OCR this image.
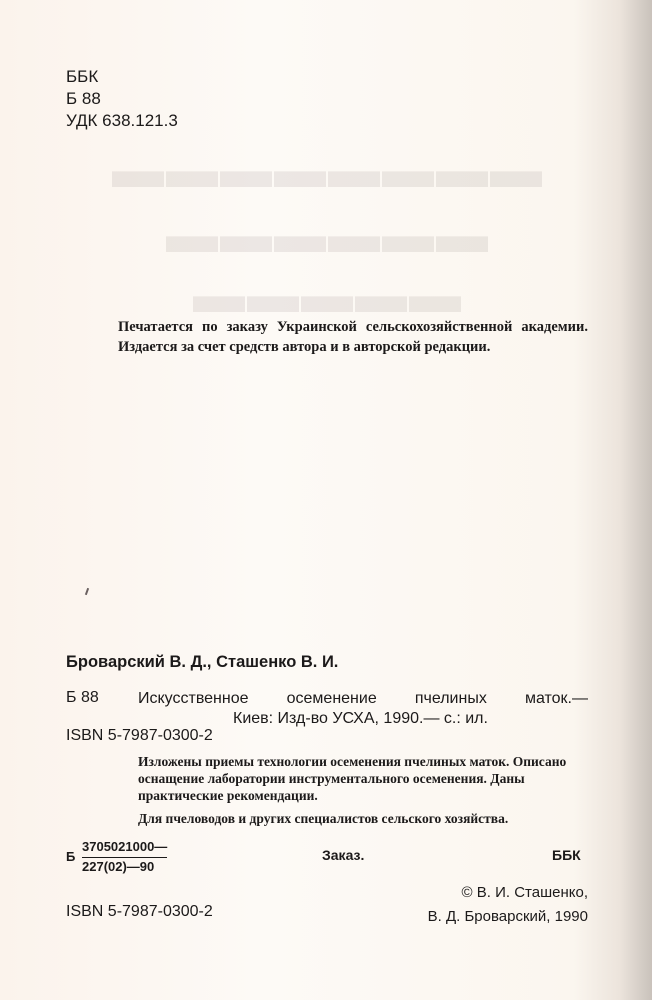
▬▬▬▬▬▬▬▬
▬▬▬▬▬▬
▬▬▬▬▬
ББК
Б 88
УДК 638.121.3
Печатается по заказу Украинской сельскохозяйственной академии. Издается за счет средств автора и в авторской редакции.
Броварский В. Д., Сташенко В. И.
Б 88 Искусственное осеменение пчелиных маток.—
Киев: Изд-во УСХА, 1990.— с.: ил.
ISBN 5-7987-0300-2
Изложены приемы технологии осеменения пчелиных маток. Описано оснащение лаборатории инструментального осеменения. Даны практические рекомендации.
Для пчеловодов и других специалистов сельского хозяйства.
Б $\frac{3705021000—}{227(02)—90}$	Заказ.	ББК
© В. И. Сташенко,
В. Д. Броварский, 1990
ISBN 5-7987-0300-2
